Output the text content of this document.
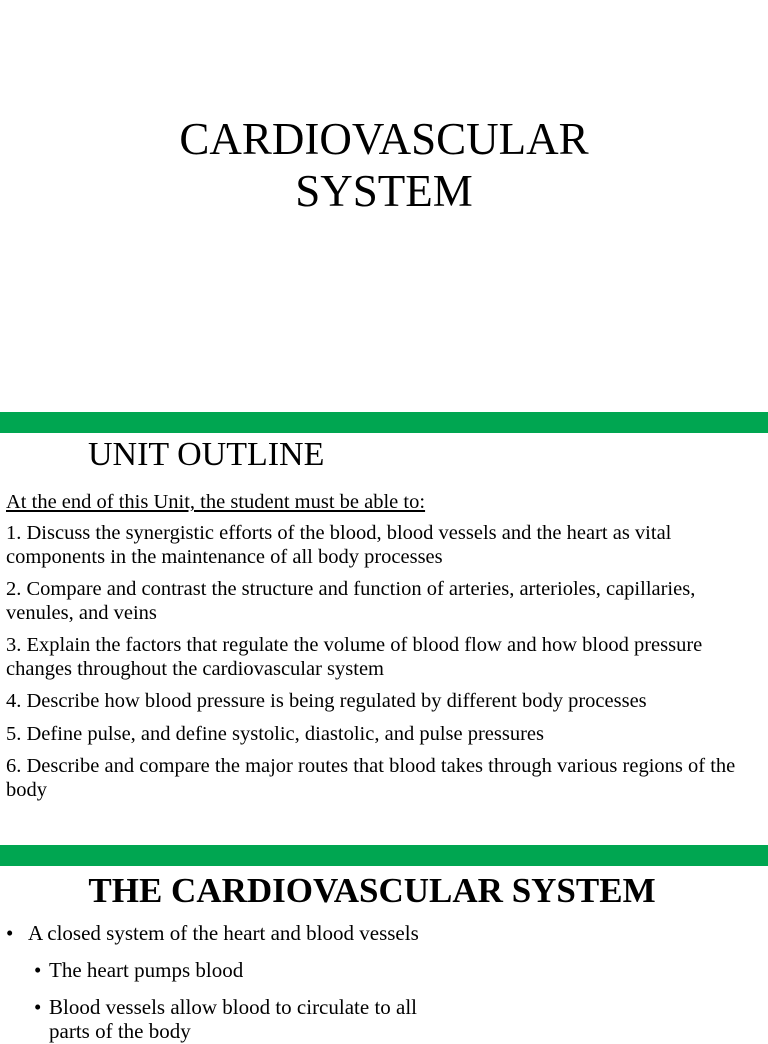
CARDIOVASCULAR
SYSTEM
UNIT OUTLINE
At the end of this Unit, the student must be able to:
1. Discuss the synergistic efforts of the blood, blood vessels and the heart as vital components in the maintenance of all body processes
2. Compare and contrast the structure and function of arteries, arterioles, capillaries, venules, and veins
3. Explain the factors that regulate the volume of blood flow and how blood pressure changes throughout the cardiovascular system
4. Describe how blood pressure is being regulated by different body processes
5. Define pulse, and define systolic, diastolic, and pulse pressures
6. Describe and compare the major routes that blood takes through various regions of the body
THE CARDIOVASCULAR SYSTEM
• A closed system of the heart and blood vessels
• The heart pumps blood
• Blood vessels allow blood to circulate to all
parts of the body
